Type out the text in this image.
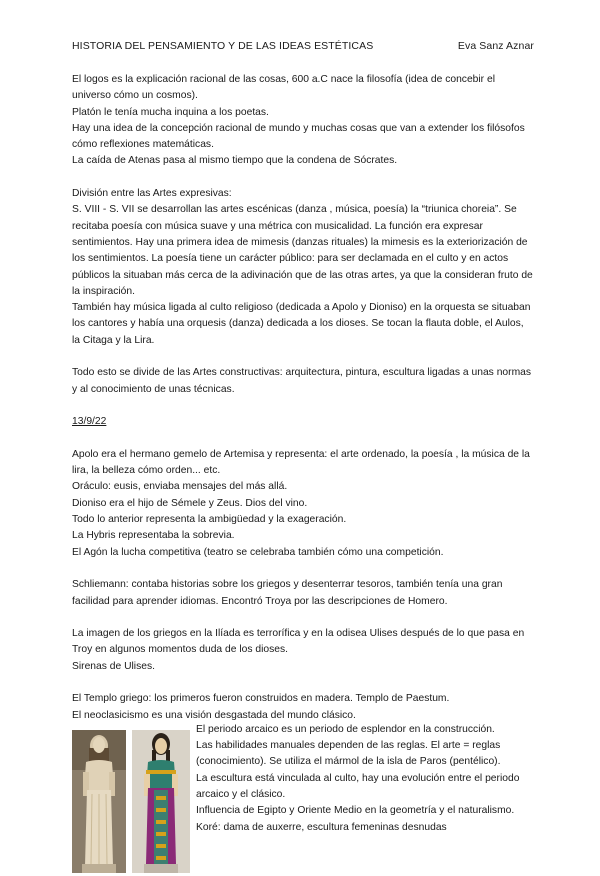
HISTORIA DEL PENSAMIENTO Y DE LAS IDEAS ESTÉTICAS	Eva Sanz Aznar

El logos es la explicación racional de las cosas, 600 a.C nace la filosofía (idea de concebir el universo cómo un cosmos).

Platón le tenía mucha inquina a los poetas.

Hay una idea de la concepción racional de mundo y muchas cosas que van a extender los filósofos cómo reflexiones matemáticas.

La caída de Atenas pasa al mismo tiempo que la condena de Sócrates.

División entre las Artes expresivas:

S. VIII - S. VII se desarrollan las artes escénicas (danza , música, poesía) la “triunica choreia”. Se recitaba poesía con música suave y una métrica con musicalidad. La función era expresar sentimientos. Hay una primera idea de mimesis (danzas rituales) la mimesis es la exteriorización de los sentimientos. La poesía tiene un carácter público: para ser declamada en el culto y en actos públicos la situaban más cerca de la adivinación que de las otras artes, ya que la consideran fruto de la inspiración.

También hay música ligada al culto religioso (dedicada a Apolo y Dioniso) en la orquesta se situaban los cantores y había una orquesis (danza) dedicada a los dioses. Se tocan la flauta doble, el Aulos, la Citaga y la Lira.

Todo esto se divide de las Artes constructivas: arquitectura, pintura, escultura ligadas a unas normas y al conocimiento de unas técnicas.

13/9/22

Apolo era el hermano gemelo de Artemisa y representa: el arte ordenado, la poesía , la música de la lira, la belleza cómo orden... etc.

Oráculo: eusis, enviaba mensajes del más allá.

Dioniso era el hijo de Sémele y Zeus. Dios del vino.

Todo lo anterior representa la ambigüedad y la exageración.

La Hybris representaba la sobrevia.

El Agón la lucha competitiva (teatro se celebraba también cómo una competición.

Schliemann: contaba historias sobre los griegos y desenterrar tesoros, también tenía una gran facilidad para aprender idiomas. Encontró Troya por las descripciones de Homero.

La imagen de los griegos en la Ilíada es terrorífica y en la odisea Ulises después de lo que pasa en Troy en algunos momentos duda de los dioses.

Sirenas de Ulises.

El Templo griego: los primeros fueron construidos en madera. Templo de Paestum.

El neoclasicismo es una visión desgastada del mundo clásico.

El periodo arcaico es un periodo de esplendor en la construcción.

Las habilidades manuales dependen de las reglas. El arte = reglas (conocimiento). Se utiliza el mármol de la isla de Paros (pentélico).

La escultura está vinculada al culto, hay una evolución entre el periodo arcaico y el clásico.

Influencia de Egipto y Oriente Medio en la geometría y el naturalismo.

Koré: dama de auxerre, escultura femeninas desnudas
